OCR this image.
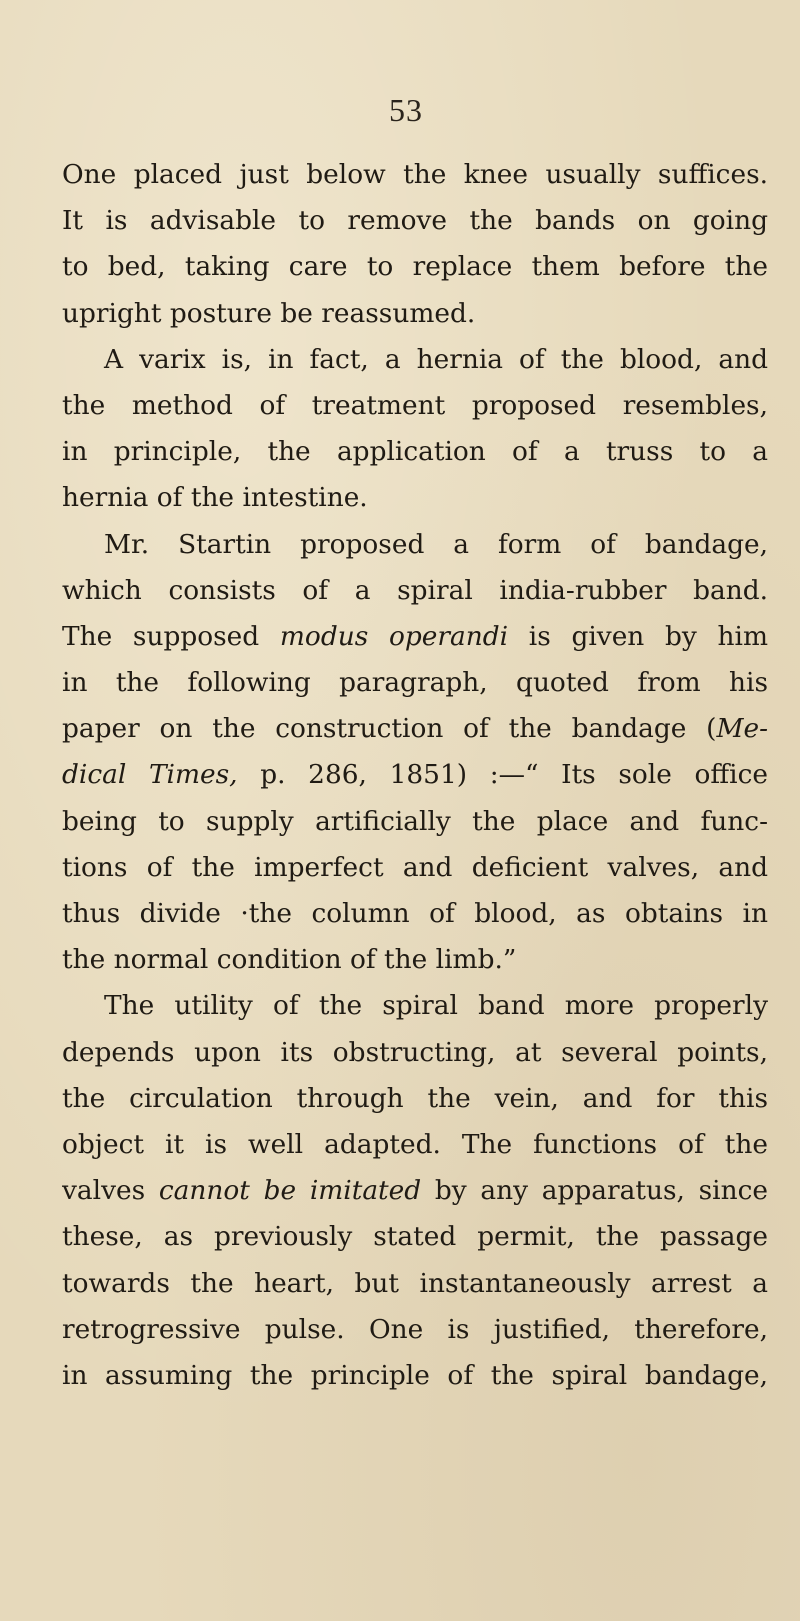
53
One placed just below the knee usually suffices.
It is advisable to remove the bands on going
to bed, taking care to replace them before the
upright posture be reassumed.
A varix is, in fact, a hernia of the blood, and
the method of treatment proposed resembles,
in principle, the application of a truss to a
hernia of the intestine.
Mr. Startin proposed a form of bandage,
which consists of a spiral india-rubber band.
The supposed modus operandi is given by him
in the following paragraph, quoted from his
paper on the construction of the bandage (Me-
dical Times, p. 286, 1851) :—“ Its sole office
being to supply artificially the place and func-
tions of the imperfect and deficient valves, and
thus divide ·the column of blood, as obtains in
the normal condition of the limb.”
The utility of the spiral band more properly
depends upon its obstructing, at several points,
the circulation through the vein, and for this
object it is well adapted. The functions of the
valves cannot be imitated by any apparatus, since
these, as previously stated permit, the passage
towards the heart, but instantaneously arrest a
retrogressive pulse. One is justified, therefore,
in assuming the principle of the spiral bandage,
